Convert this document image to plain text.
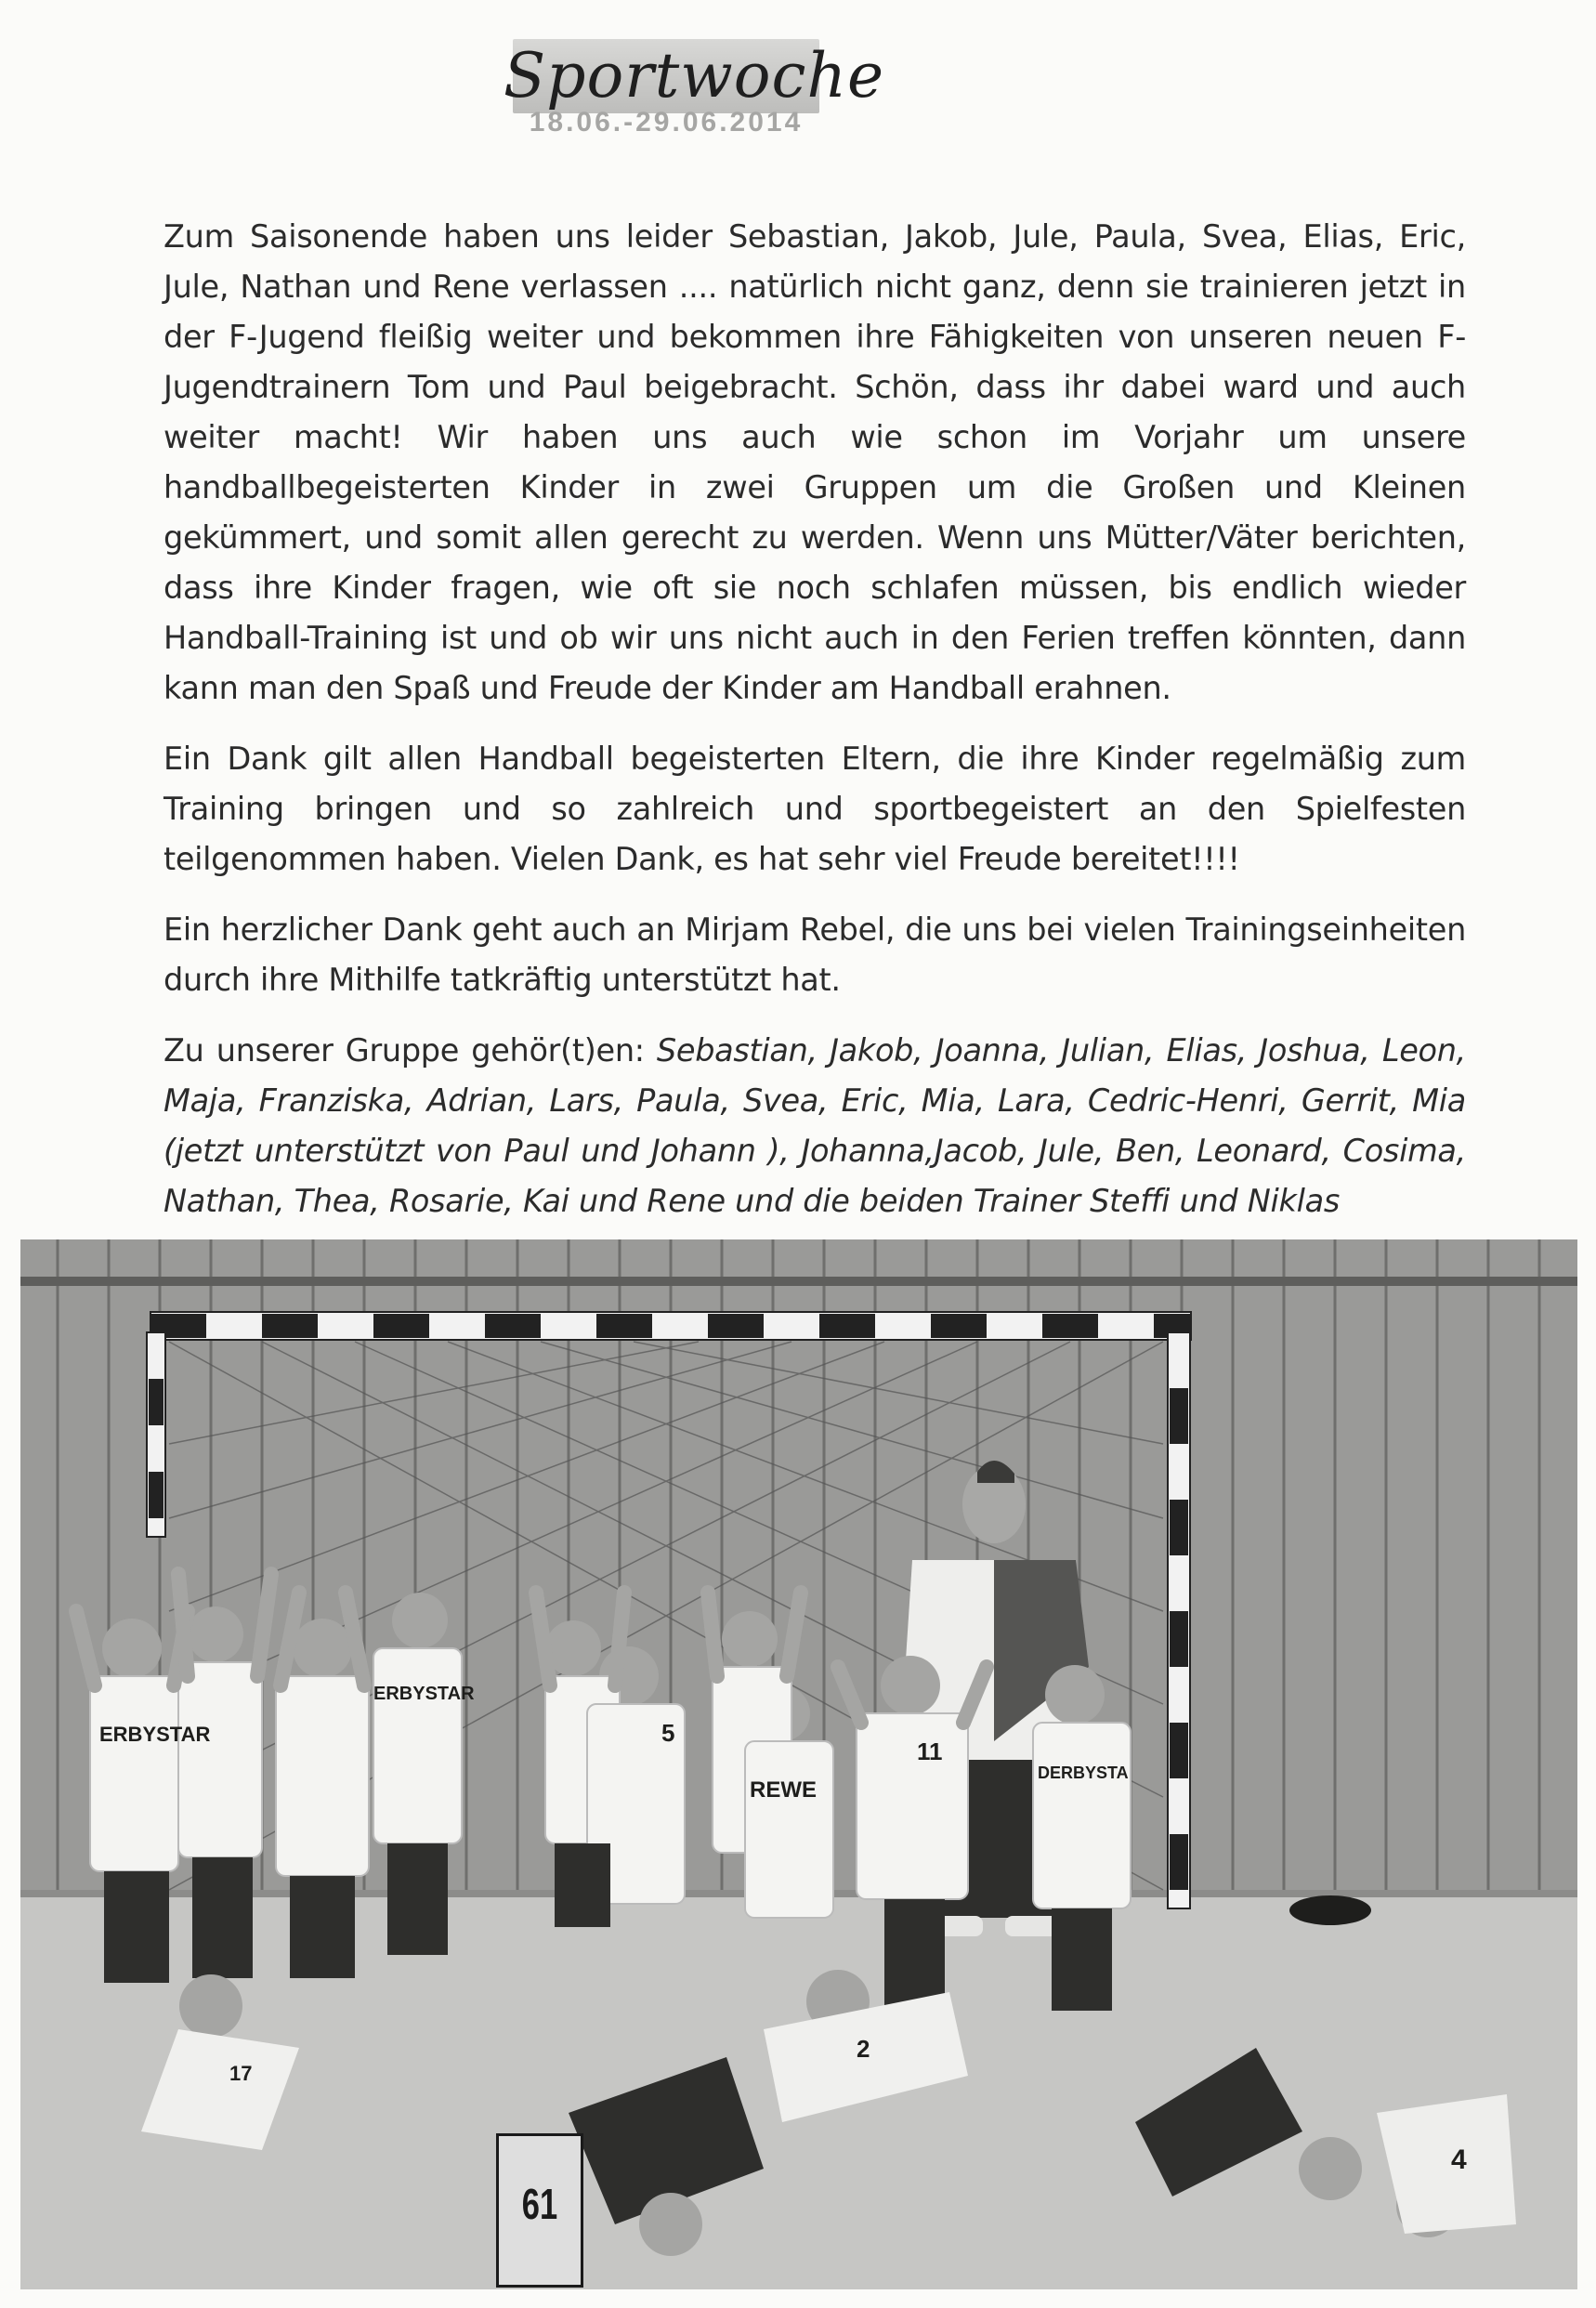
Sportwoche
18.06.-29.06.2014

Zum Saisonende haben uns leider Sebastian, Jakob, Jule, Paula, Svea, Elias, Eric, Jule, Nathan und Rene verlassen .... natürlich nicht ganz, denn sie trainieren jetzt in der F-Jugend fleißig weiter und bekommen ihre Fähigkeiten von unseren neuen F-Jugendtrainern Tom und Paul beigebracht. Schön, dass ihr dabei ward und auch weiter macht! Wir haben uns auch wie schon im Vorjahr um unsere handballbegeisterten Kinder in zwei Gruppen um die Großen und Kleinen gekümmert, und somit allen gerecht zu werden. Wenn uns Mütter/Väter berichten, dass ihre Kinder fragen, wie oft sie noch schlafen müssen, bis endlich wieder Handball-Training ist und ob wir uns nicht auch in den Ferien treffen könnten, dann kann man den Spaß und Freude der Kinder am Handball erahnen.

Ein Dank gilt allen Handball begeisterten Eltern, die ihre Kinder regelmäßig zum Training bringen und so zahlreich und sportbegeistert an den Spielfesten teilgenommen haben. Vielen Dank, es hat sehr viel Freude bereitet!!!!

Ein herzlicher Dank geht auch an Mirjam Rebel, die uns bei vielen Trainingseinheiten durch ihre Mithilfe tatkräftig unterstützt hat.

Zu unserer Gruppe gehör(t)en: Sebastian, Jakob, Joanna, Julian, Elias, Joshua, Leon, Maja, Franziska, Adrian, Lars, Paula, Svea, Eric, Mia, Lara, Cedric-Henri, Gerrit, Mia (jetzt unterstützt von Paul und Johann ), Johanna,Jacob, Jule, Ben, Leonard, Cosima, Nathan, Thea, Rosarie, Kai und Rene und die beiden Trainer Steffi und Niklas

ERBYSTAR
ERBYSTAR
REWE
DERBYSTA
5
11
2
4
17
61
